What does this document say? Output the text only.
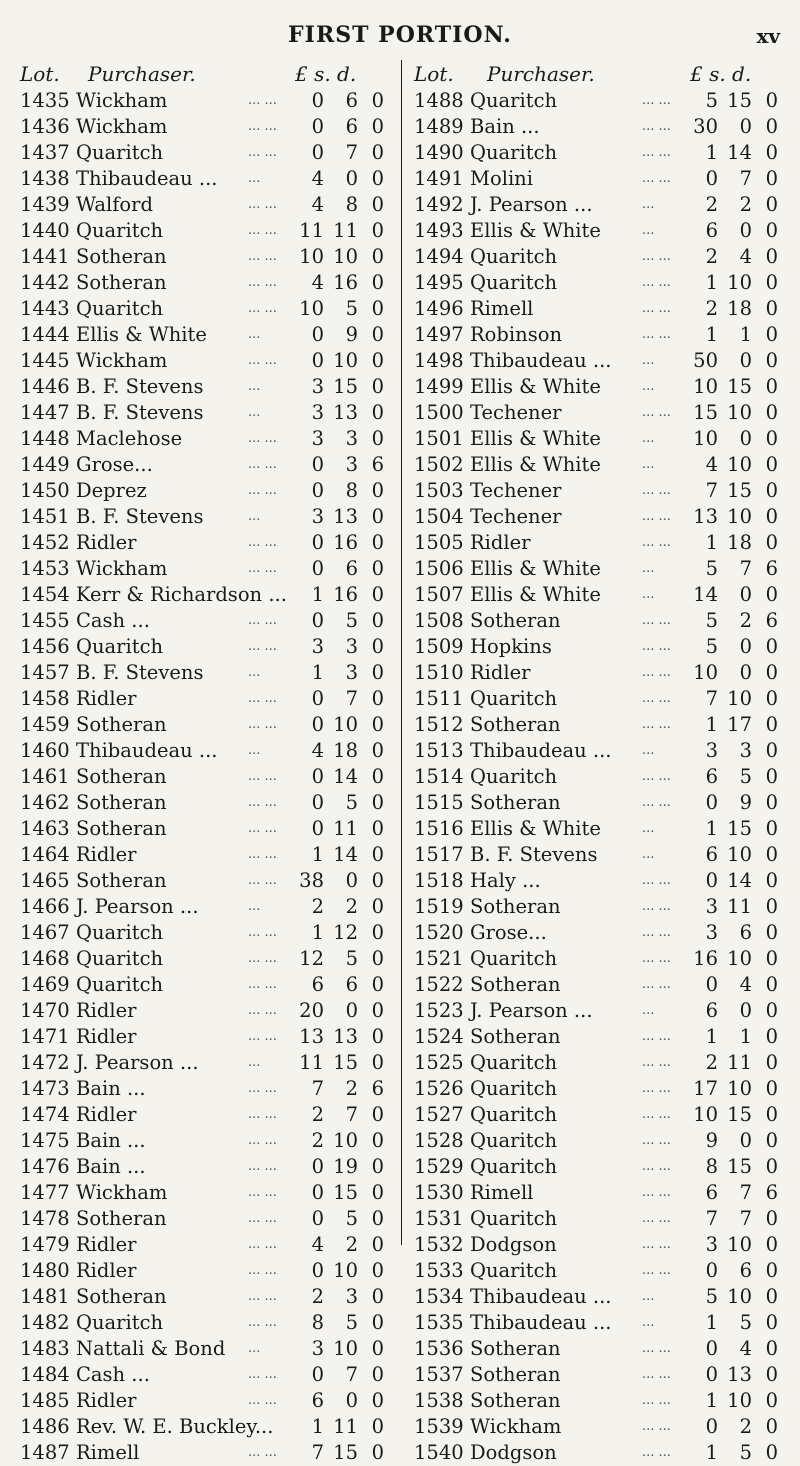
FIRST PORTION.	xv
Lot. Purchaser.	£ s. d.	Lot. Purchaser.	£ s. d.
1435 Wickham	... ...	0	6 0
1436 Wickham	... ...	0	6 0
1437 Quaritch	... ...	0	7 0
1438 Thibaudeau ... ...	4	0 0
1439 Walford	... ...	4	8 0
1440 Quaritch	... ...	11 11 0
1441 Sotheran	... ...	10 10 0
1442 Sotheran	... ...	4 16 0
1443 Quaritch	... ...	10	5 0
1444 Ellis & White	...	0	9 0
1445 Wickham	... ...	0 10 0
1446 B. F. Stevens	...	3 15 0
1447 B. F. Stevens	...	3 13 0
1448 Maclehose	... ...	3	3 0
1449 Grose...	... ...	0	3 6
1450 Deprez	... ...	0	8 0
1451 B. F. Stevens	...	3 13 0
1452 Ridler	... ...	0 16 0
1453 Wickham	... ...	0	6 0
1454 Kerr & Richardson ...	1 16 0
1455 Cash ...	... ...	0	5 0
1456 Quaritch	... ...	3	3 0
1457 B. F. Stevens	...	1	3 0
1458 Ridler	... ...	0	7 0
1459 Sotheran	... ...	0 10 0
1460 Thibaudeau ... ...	4 18 0
1461 Sotheran	... ...	0 14 0
1462 Sotheran	... ...	0	5 0
1463 Sotheran	... ...	0 11 0
1464 Ridler	... ...	1 14 0
1465 Sotheran	... ...	38	0 0
1466 J. Pearson ...	...	2	2 0
1467 Quaritch	... ...	1 12 0
1468 Quaritch	... ...	12	5 0
1469 Quaritch	... ...	6	6 0
1470 Ridler	... ...	20	0 0
1471 Ridler	... ...	13 13 0
1472 J. Pearson ...	...	11 15 0
1473 Bain ...	... ...	7	2 6
1474 Ridler	... ...	2	7 0
1475 Bain ...	... ...	2 10 0
1476 Bain ...	... ...	0 19 0
1477 Wickham	... ...	0 15 0
1478 Sotheran	... ...	0	5 0
1479 Ridler	... ...	4	2 0
1480 Ridler	... ...	0 10 0
1481 Sotheran	... ...	2	3 0
1482 Quaritch	... ...	8	5 0
1483 Nattali & Bond ...	3 10 0
1484 Cash ...	... ...	0	7 0
1485 Ridler	... ...	6	0 0
1486 Rev. W. E. Buckley...	1 11 0
1487 Rimell	... ...	7 15 0
1488 Quaritch	... ...	5 15 0
1489 Bain ...	... ...	30	0 0
1490 Quaritch	... ...	1 14 0
1491 Molini	... ...	0	7 0
1492 J. Pearson ...	...	2	2 0
1493 Ellis & White	...	6	0 0
1494 Quaritch	... ...	2	4 0
1495 Quaritch	... ...	1 10 0
1496 Rimell	... ...	2 18 0
1497 Robinson	... ...	1	1 0
1498 Thibaudeau ... ...	50	0 0
1499 Ellis & White	...	10 15 0
1500 Techener	... ...	15 10 0
1501 Ellis & White	...	10	0 0
1502 Ellis & White	...	4 10 0
1503 Techener	... ...	7 15 0
1504 Techener	... ...	13 10 0
1505 Ridler	... ...	1 18 0
1506 Ellis & White	...	5	7 6
1507 Ellis & White	...	14	0 0
1508 Sotheran	... ...	5	2 6
1509 Hopkins	... ...	5	0 0
1510 Ridler	... ...	10	0 0
1511 Quaritch	... ...	7 10 0
1512 Sotheran	... ...	1 17 0
1513 Thibaudeau ... ...	3	3 0
1514 Quaritch	... ...	6	5 0
1515 Sotheran	... ...	0	9 0
1516 Ellis & White	...	1 15 0
1517 B. F. Stevens	...	6 10 0
1518 Haly ...	... ...	0 14 0
1519 Sotheran	... ...	3 11 0
1520 Grose...	... ...	3	6 0
1521 Quaritch	... ...	16 10 0
1522 Sotheran	... ...	0	4 0
1523 J. Pearson ...	...	6	0 0
1524 Sotheran	... ...	1	1 0
1525 Quaritch	... ...	2 11 0
1526 Quaritch	... ...	17 10 0
1527 Quaritch	... ...	10 15 0
1528 Quaritch	... ...	9	0 0
1529 Quaritch	... ...	8 15 0
1530 Rimell	... ...	6	7 6
1531 Quaritch	... ...	7	7 0
1532 Dodgson	... ...	3 10 0
1533 Quaritch	... ...	0	6 0
1534 Thibaudeau ... ...	5 10 0
1535 Thibaudeau ... ...	1	5 0
1536 Sotheran	... ...	0	4 0
1537 Sotheran	... ...	0 13 0
1538 Sotheran	... ...	1 10 0
1539 Wickham	... ...	0	2 0
1540 Dodgson	... ...	1	5 0
